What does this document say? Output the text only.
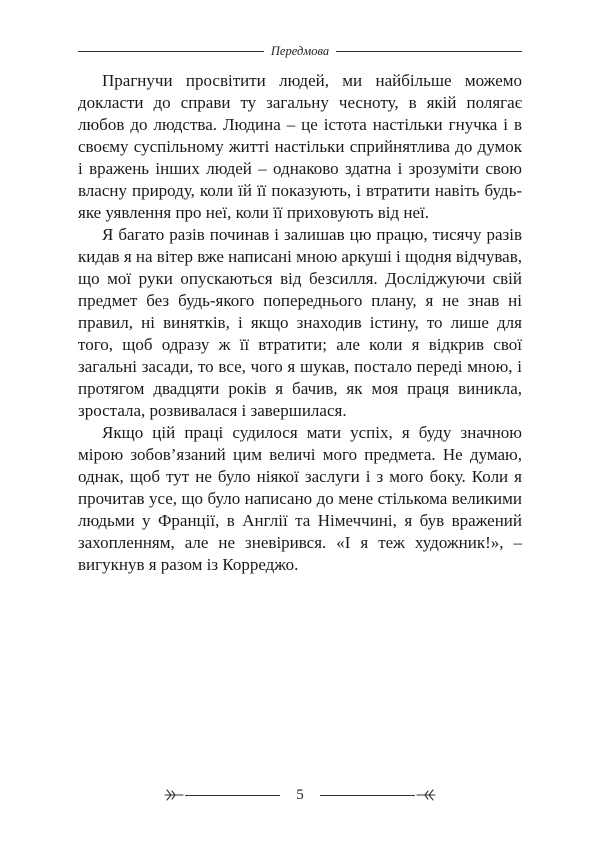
Передмова

Прагнучи просвітити людей, ми найбільше можемо докласти до справи ту загальну чесноту, в якій полягає любов до людства. Людина – це істота настільки гнучка і в своєму суспільному житті настільки сприйнятлива до думок і вражень інших людей – однаково здатна і зрозуміти свою власну природу, коли їй її показують, і втратити навіть будь-яке уявлення про неї, коли її приховують від неї.

Я багато разів починав і залишав цю працю, тисячу разів кидав я на вітер вже написані мною аркуші і щодня відчував, що мої руки опускаються від безсилля. Досліджуючи свій предмет без будь-якого попереднього плану, я не знав ні правил, ні винятків, і якщо знаходив істину, то лише для того, щоб одразу ж її втратити; але коли я відкрив свої загальні засади, то все, чого я шукав, постало переді мною, і протягом двадцяти років я бачив, як моя праця виникла, зростала, розвивалася і завершилася.

Якщо цій праці судилося мати успіх, я буду значною мірою зобов’язаний цим величі мого предмета. Не думаю, однак, щоб тут не було ніякої заслуги і з мого боку. Коли я прочитав усе, що було написано до мене стількома великими людьми у Франції, в Англії та Німеччині, я був вражений захопленням, але не зневірився. «І я теж художник!», – вигукнув я разом із Корреджо.

5
